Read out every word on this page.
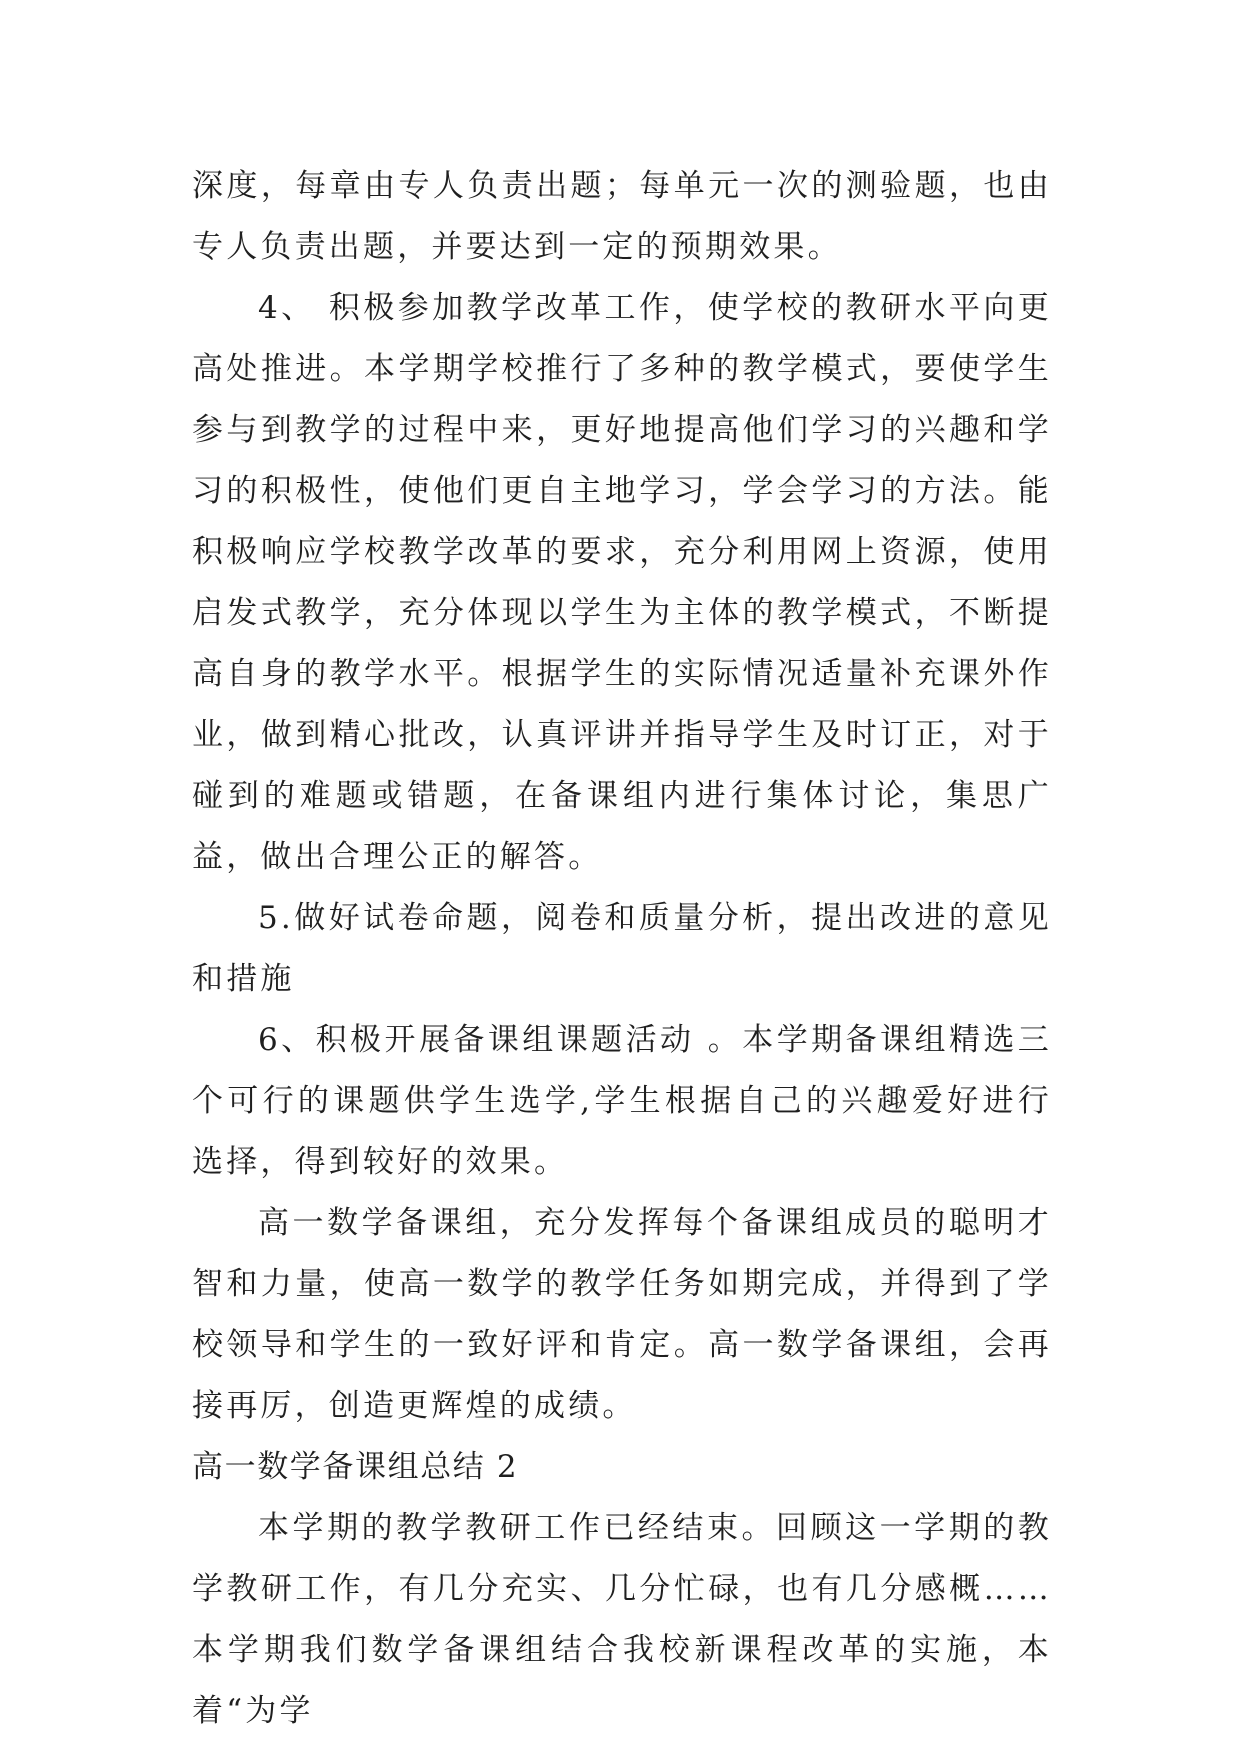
深度，每章由专人负责出题；每单元一次的测验题，也由专人负责出题，并要达到一定的预期效果。

4、 积极参加教学改革工作，使学校的教研水平向更高处推进。本学期学校推行了多种的教学模式，要使学生参与到教学的过程中来，更好地提高他们学习的兴趣和学习的积极性，使他们更自主地学习，学会学习的方法。能积极响应学校教学改革的要求，充分利用网上资源，使用启发式教学，充分体现以学生为主体的教学模式，不断提高自身的教学水平。根据学生的实际情况适量补充课外作业，做到精心批改，认真评讲并指导学生及时订正，对于碰到的难题或错题，在备课组内进行集体讨论，集思广益，做出合理公正的解答。

5.做好试卷命题，阅卷和质量分析，提出改进的意见和措施

6、积极开展备课组课题活动 。本学期备课组精选三个可行的课题供学生选学,学生根据自己的兴趣爱好进行选择，得到较好的效果。

高一数学备课组，充分发挥每个备课组成员的聪明才智和力量，使高一数学的教学任务如期完成，并得到了学校领导和学生的一致好评和肯定。高一数学备课组，会再接再厉，创造更辉煌的成绩。

高一数学备课组总结 2

本学期的教学教研工作已经结束。回顾这一学期的教学教研工作，有几分充实、几分忙碌，也有几分感概……本学期我们数学备课组结合我校新课程改革的实施，本着“为学
